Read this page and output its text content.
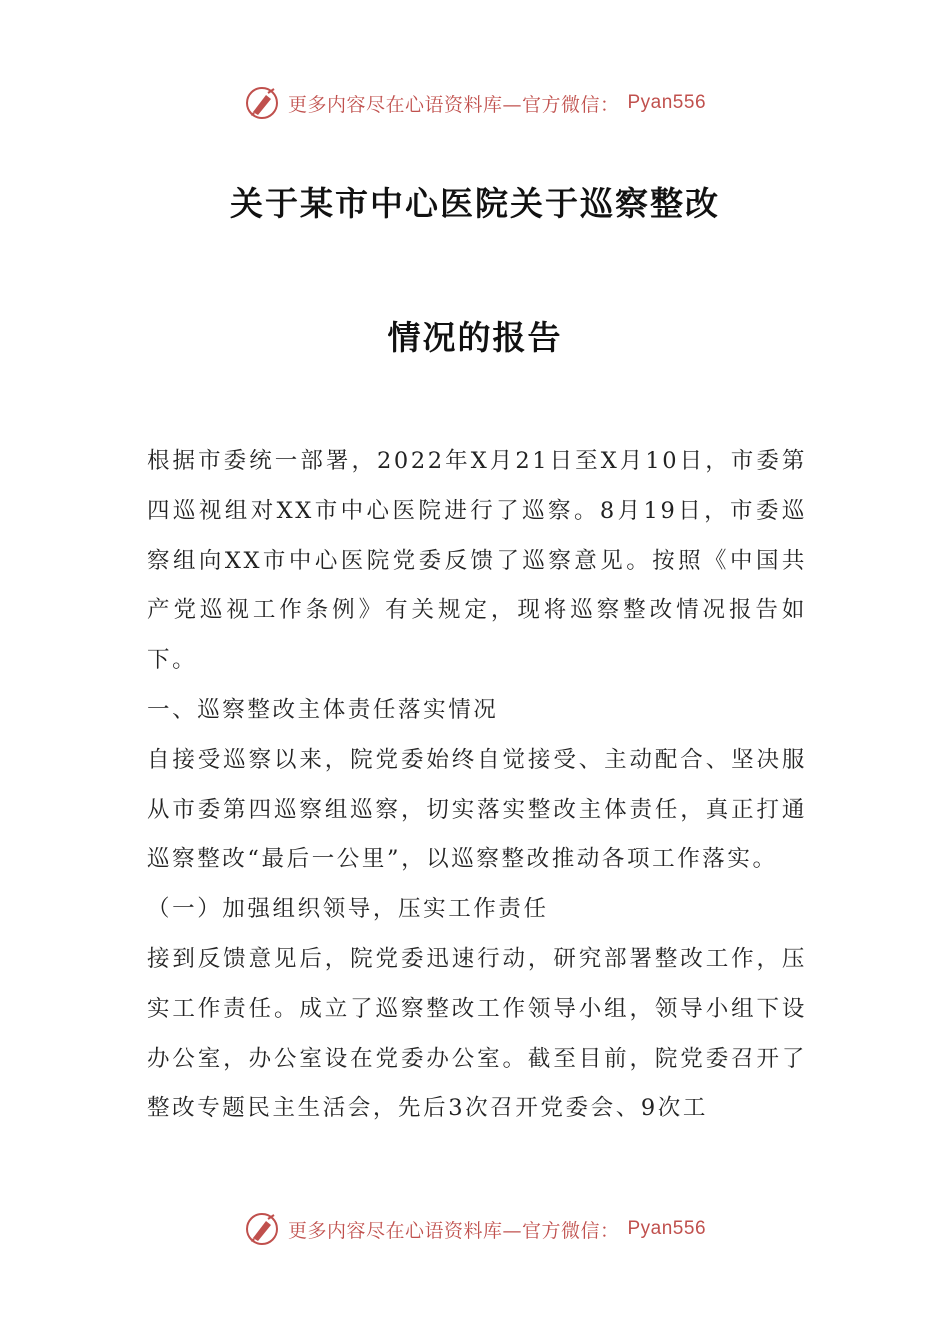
更多内容尽在心语资料库—官方微信： Pyan556
关于某市中心医院关于巡察整改
情况的报告

根据市委统一部署，2022年X月21日至X月10日，市委第四巡视组对XX市中心医院进行了巡察。8月19日，市委巡察组向XX市中心医院党委反馈了巡察意见。按照《中国共产党巡视工作条例》有关规定，现将巡察整改情况报告如下。

一、巡察整改主体责任落实情况

自接受巡察以来，院党委始终自觉接受、主动配合、坚决服从市委第四巡察组巡察，切实落实整改主体责任，真正打通巡察整改“最后一公里”，以巡察整改推动各项工作落实。

（一）加强组织领导，压实工作责任

接到反馈意见后，院党委迅速行动，研究部署整改工作，压实工作责任。成立了巡察整改工作领导小组，领导小组下设办公室，办公室设在党委办公室。截至目前，院党委召开了整改专题民主生活会，先后3次召开党委会、9次工

更多内容尽在心语资料库—官方微信： Pyan556
